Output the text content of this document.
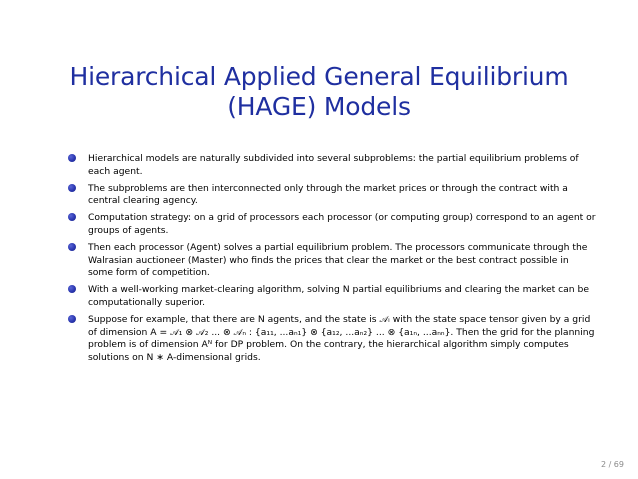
Hierarchical Applied General Equilibrium
(HAGE) Models
Hierarchical models are naturally subdivided into several subproblems: the partial equilibrium problems of each agent.
The subproblems are then interconnected only through the market prices or through the contract with a central clearing agency.
Computation strategy: on a grid of processors each processor (or computing group) correspond to an agent or groups of agents.
Then each processor (Agent) solves a partial equilibrium problem. The processors communicate through the Walrasian auctioneer (Master) who finds the prices that clear the market or the best contract possible in some form of competition.
With a well-working market-clearing algorithm, solving N partial equilibriums and clearing the market can be computationally superior.
Suppose for example, that there are N agents, and the state is 𝒜ᵢ with the state space tensor given by a grid of dimension A = 𝒜₁ ⊗ 𝒜₂ ... ⊗ 𝒜ₙ : {a₁₁, ...aₙ₁} ⊗ {a₁₂, ...aₙ₂} ... ⊗ {a₁ₙ, ...aₙₙ}. Then the grid for the planning problem is of dimension Aᴺ for DP problem. On the contrary, the hierarchical algorithm simply computes solutions on N ∗ A-dimensional grids.
2 / 69
